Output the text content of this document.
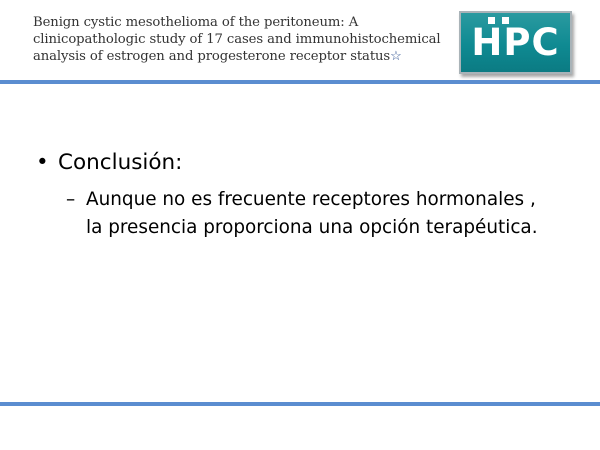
Benign cystic mesothelioma of the peritoneum: A clinicopathologic study of 17 cases and immunohistochemical analysis of estrogen and progesterone receptor status☆	HPC
• Conclusión:
– Aunque no es frecuente receptores hormonales , la presencia proporciona una opción terapéutica.
